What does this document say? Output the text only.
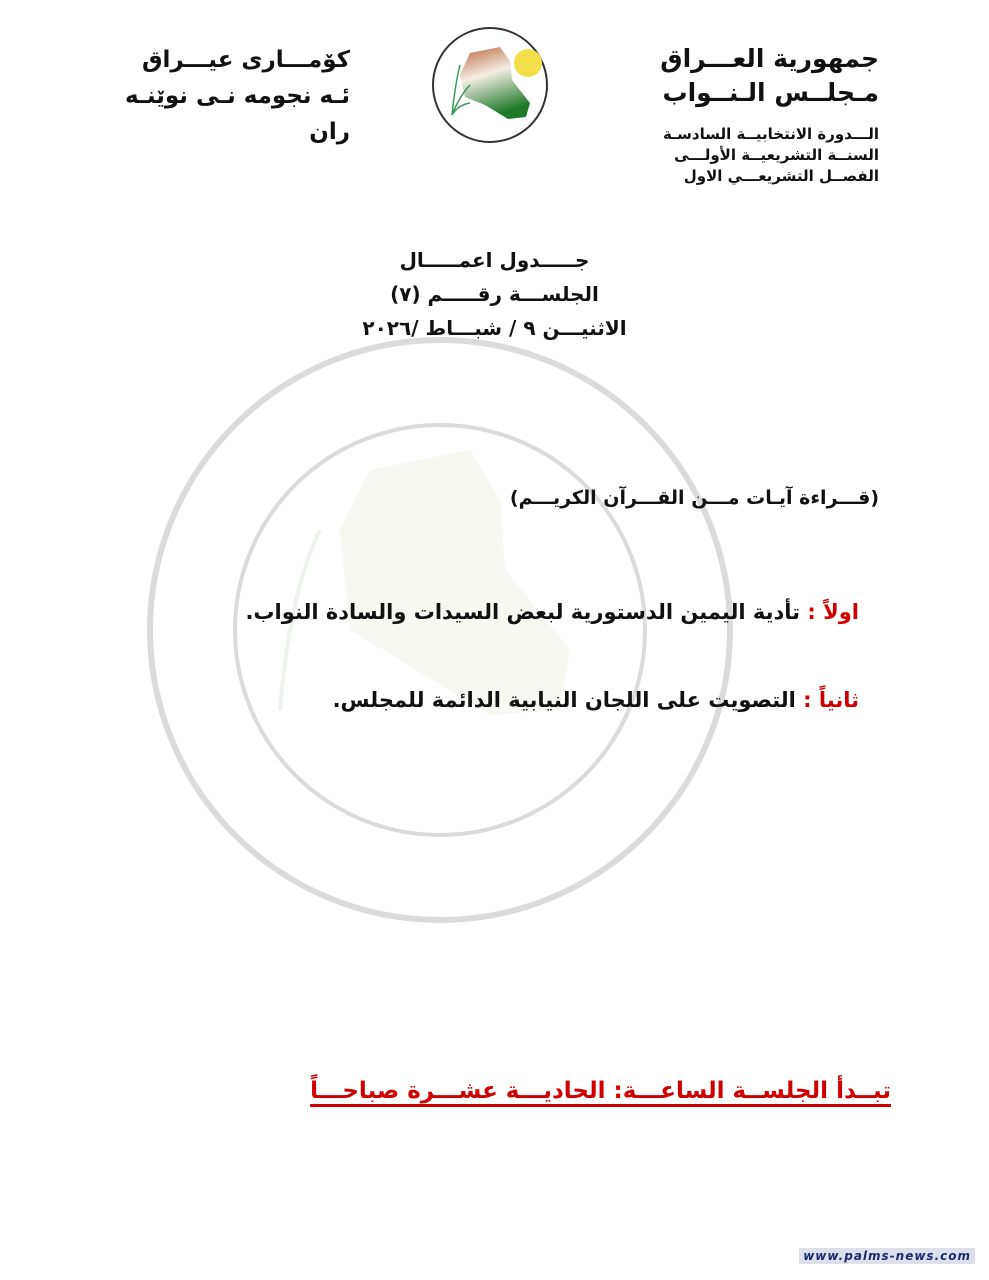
جمهورية العـــراق
مـجلــس الـنــواب
الـــدورة الانتخابيــة السادسـة
السنــة التشريعيــة الأولـــى
الفصــل التشريعـــي الاول
كۆمـــارى عيـــراق
ئـه نجومه نـى نوێنـه ران
جـــــدول اعمـــــال
الجلســـة رقـــــم (٧)
الاثنيـــن ٩ / شبـــاط /٢٠٢٦
(قـــراءة آيـات مـــن القـــرآن الكريـــم)
اولاً : تأدية اليمين الدستورية لبعض السيدات والسادة النواب.
ثانياً : التصويت على اللجان النيابية الدائمة للمجلس.
تبــدأ الجلســة الساعـــة: الحاديـــة عشـــرة صباحـــاً
www.palms-news.com
